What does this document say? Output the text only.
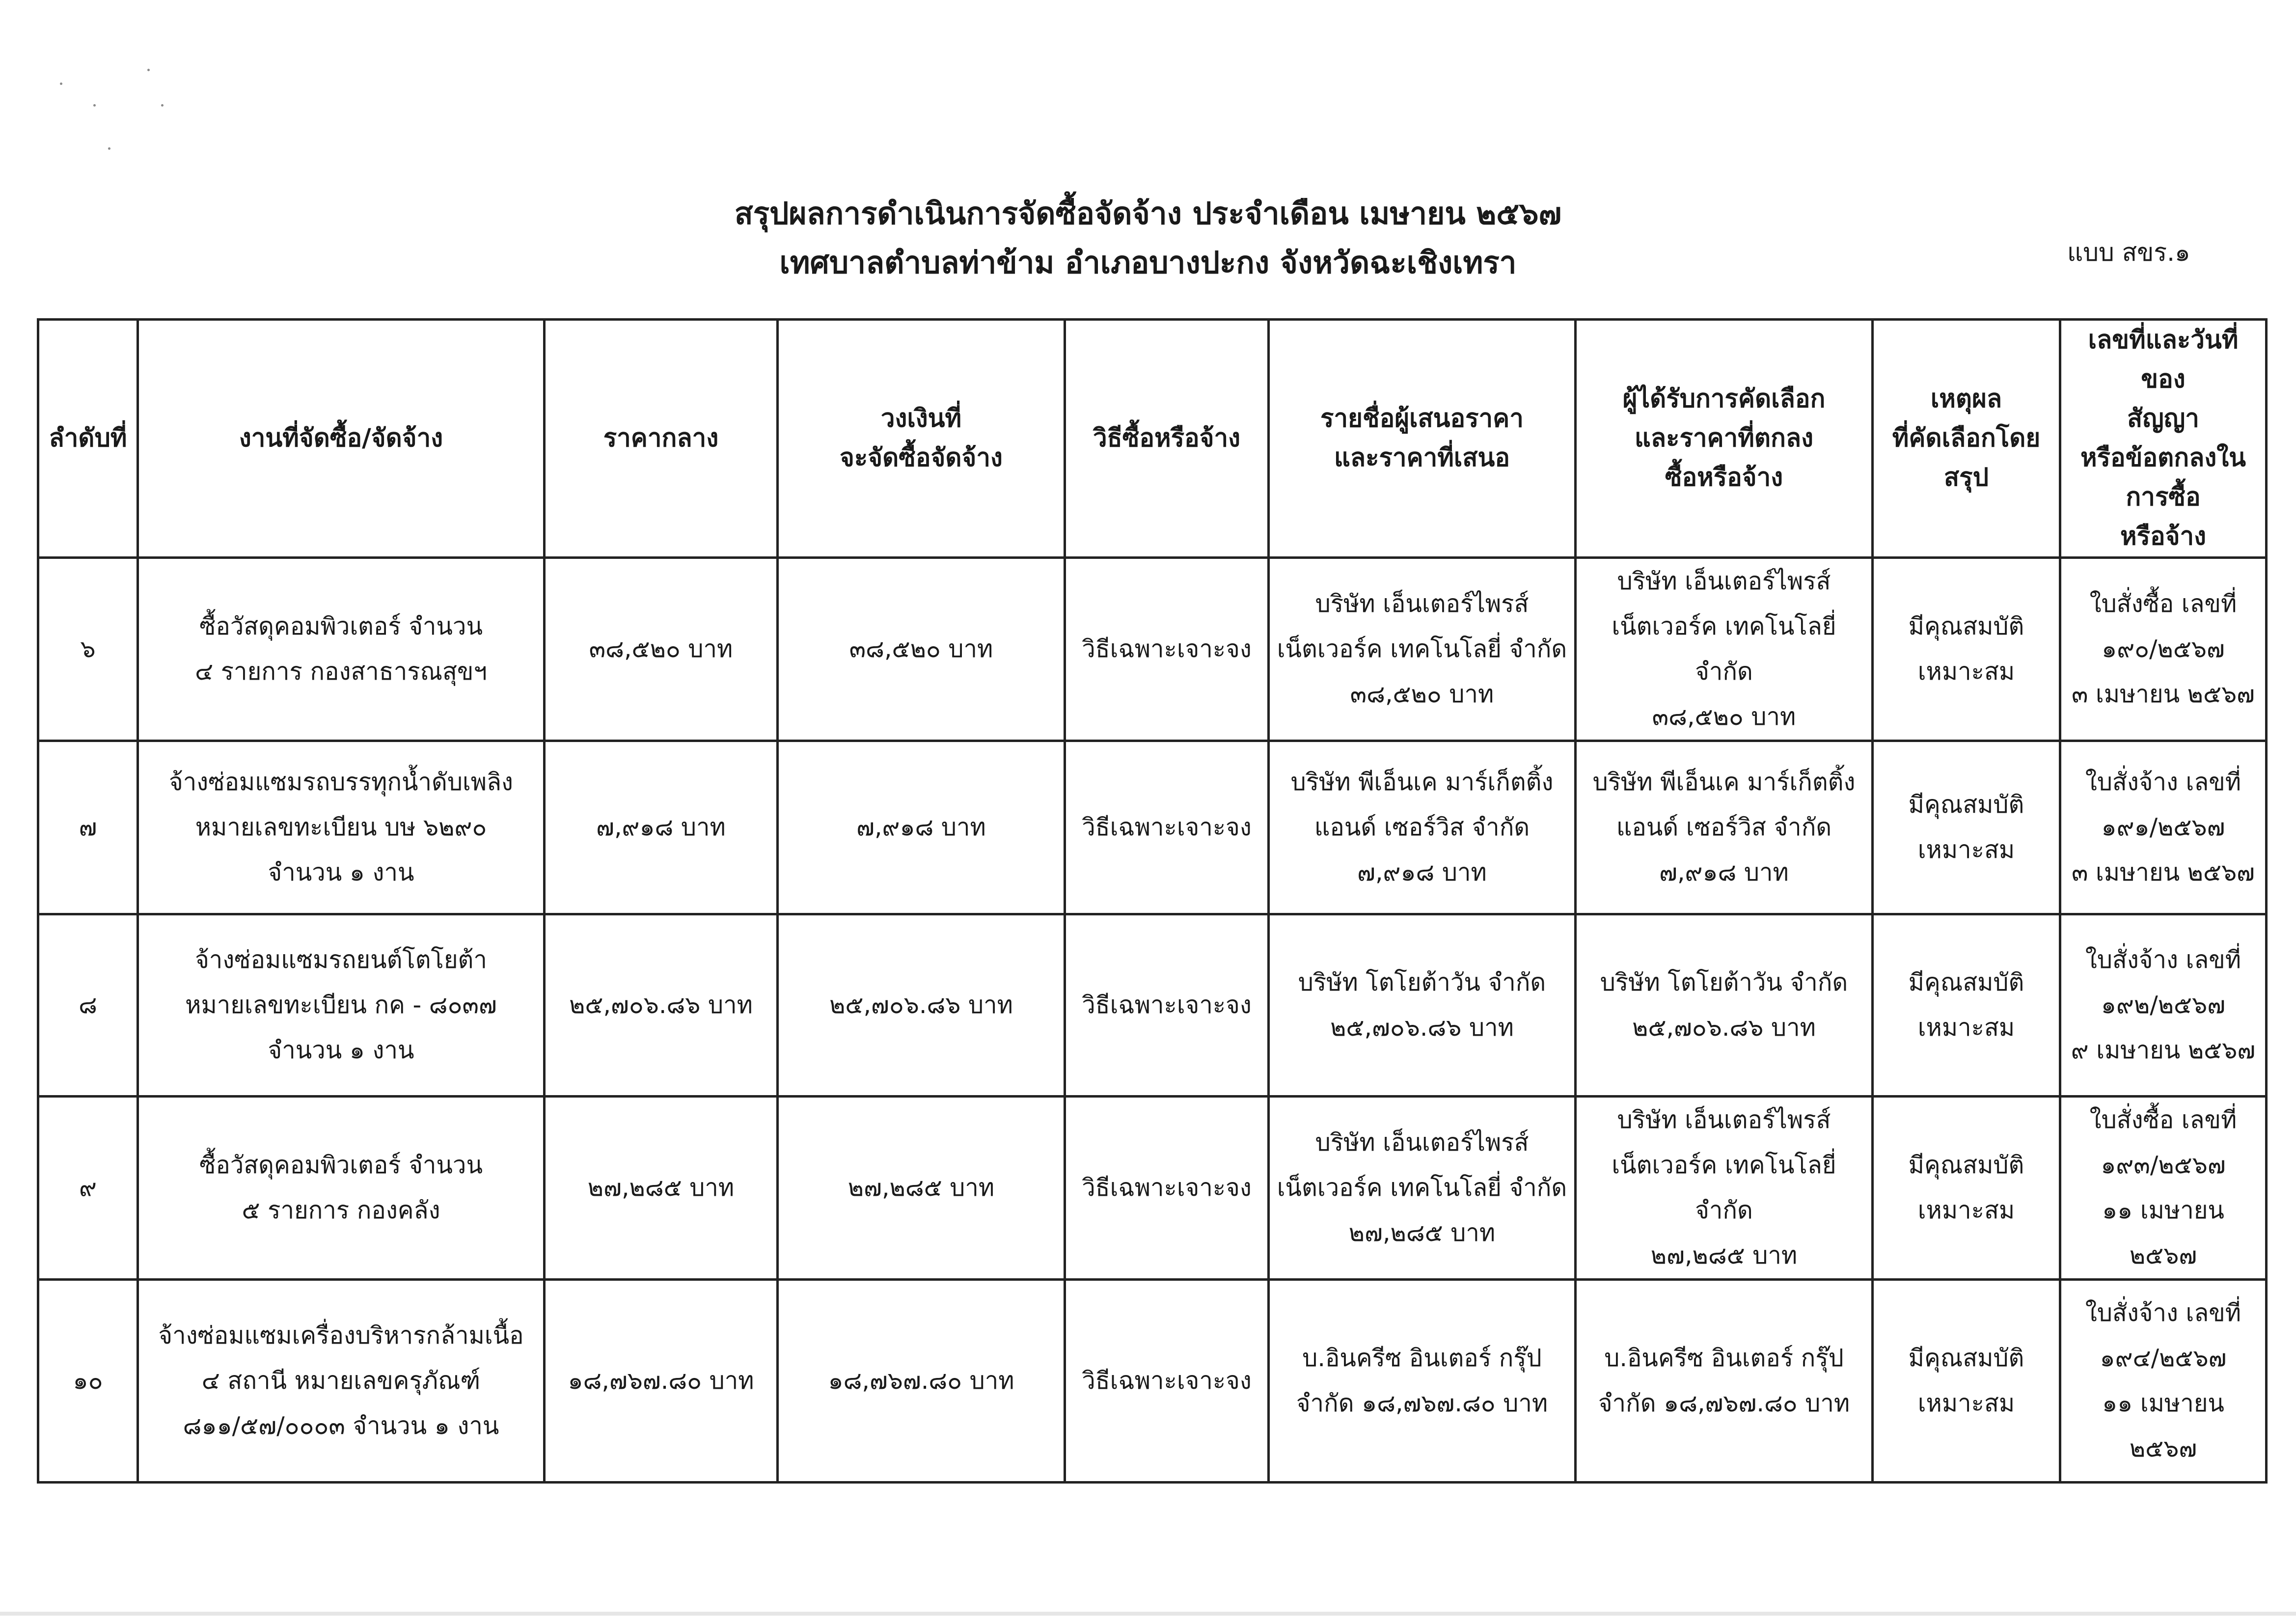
สรุปผลการดำเนินการจัดซื้อจัดจ้าง ประจำเดือน เมษายน ๒๕๖๗
เทศบาลตำบลท่าข้าม อำเภอบางปะกง จังหวัดฉะเชิงเทรา	แบบ สขร.๑
ลำดับที่	งานที่จัดซื้อ/จัดจ้าง	ราคากลาง	วงเงินที่
จะจัดซื้อจัดจ้าง	วิธีซื้อหรือจ้าง	รายชื่อผู้เสนอราคา
และราคาที่เสนอ	ผู้ได้รับการคัดเลือก
และราคาที่ตกลง
ซื้อหรือจ้าง	เหตุผล
ที่คัดเลือกโดย
สรุป	เลขที่และวันที่ของ
สัญญา
หรือข้อตกลงในการซื้อ
หรือจ้าง

๖	ซื้อวัสดุคอมพิวเตอร์ จำนวน
๔ รายการ กองสาธารณสุขฯ	๓๘,๕๒๐ บาท	๓๘,๕๒๐ บาท	วิธีเฉพาะเจาะจง	บริษัท เอ็นเตอร์ไพรส์
เน็ตเวอร์ค เทคโนโลยี่ จำกัด
๓๘,๕๒๐ บาท	บริษัท เอ็นเตอร์ไพรส์
เน็ตเวอร์ค เทคโนโลยี่ จำกัด
๓๘,๕๒๐ บาท	มีคุณสมบัติ
เหมาะสม	ใบสั่งซื้อ เลขที่
๑๙๐/๒๕๖๗
๓ เมษายน ๒๕๖๗

๗	จ้างซ่อมแซมรถบรรทุกน้ำดับเพลิง
หมายเลขทะเบียน บษ ๖๒๙๐
จำนวน ๑ งาน	๗,๙๑๘ บาท	๗,๙๑๘ บาท	วิธีเฉพาะเจาะจง	บริษัท พีเอ็นเค มาร์เก็ตติ้ง
แอนด์ เซอร์วิส จำกัด
๗,๙๑๘ บาท	บริษัท พีเอ็นเค มาร์เก็ตติ้ง
แอนด์ เซอร์วิส จำกัด
๗,๙๑๘ บาท	มีคุณสมบัติ
เหมาะสม	ใบสั่งจ้าง เลขที่
๑๙๑/๒๕๖๗
๓ เมษายน ๒๕๖๗

๘	จ้างซ่อมแซมรถยนต์โตโยต้า
หมายเลขทะเบียน กค - ๘๐๓๗
จำนวน ๑ งาน	๒๕,๗๐๖.๘๖ บาท	๒๕,๗๐๖.๘๖ บาท	วิธีเฉพาะเจาะจง	บริษัท โตโยต้าวัน จำกัด
๒๕,๗๐๖.๘๖ บาท	บริษัท โตโยต้าวัน จำกัด
๒๕,๗๐๖.๘๖ บาท	มีคุณสมบัติ
เหมาะสม	ใบสั่งจ้าง เลขที่
๑๙๒/๒๕๖๗
๙ เมษายน ๒๕๖๗

๙	ซื้อวัสดุคอมพิวเตอร์ จำนวน
๕ รายการ กองคลัง	๒๗,๒๘๕ บาท	๒๗,๒๘๕ บาท	วิธีเฉพาะเจาะจง	บริษัท เอ็นเตอร์ไพรส์
เน็ตเวอร์ค เทคโนโลยี่ จำกัด
๒๗,๒๘๕ บาท	บริษัท เอ็นเตอร์ไพรส์
เน็ตเวอร์ค เทคโนโลยี่ จำกัด
๒๗,๒๘๕ บาท	มีคุณสมบัติ
เหมาะสม	ใบสั่งซื้อ เลขที่
๑๙๓/๒๕๖๗
๑๑ เมษายน ๒๕๖๗

๑๐	จ้างซ่อมแซมเครื่องบริหารกล้ามเนื้อ
๔ สถานี หมายเลขครุภัณฑ์
๘๑๑/๕๗/๐๐๐๓ จำนวน ๑ งาน	๑๘,๗๖๗.๘๐ บาท	๑๘,๗๖๗.๘๐ บาท	วิธีเฉพาะเจาะจง	บ.อินครีซ อินเตอร์ กรุ๊ป
จำกัด ๑๘,๗๖๗.๘๐ บาท	บ.อินครีซ อินเตอร์ กรุ๊ป
จำกัด ๑๘,๗๖๗.๘๐ บาท	มีคุณสมบัติ
เหมาะสม	ใบสั่งจ้าง เลขที่
๑๙๔/๒๕๖๗
๑๑ เมษายน ๒๕๖๗
